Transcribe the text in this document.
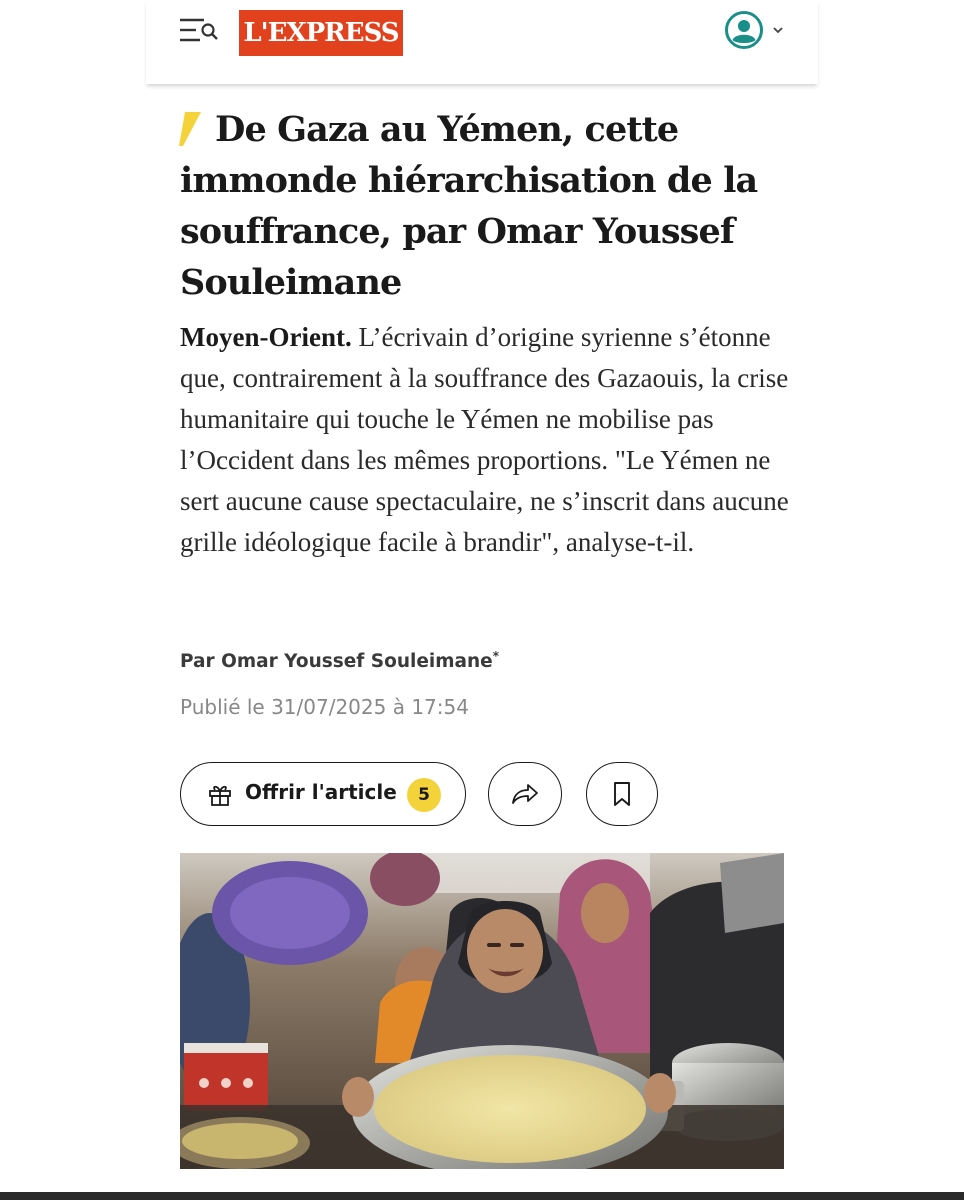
L'EXPRESS
De Gaza au Yémen, cette immonde hiérarchisation de la souffrance, par Omar Youssef Souleimane

Moyen-Orient. L’écrivain d’origine syrienne s’étonne que, contrairement à la souffrance des Gazaouis, la crise humanitaire qui touche le Yémen ne mobilise pas l’Occident dans les mêmes proportions. "Le Yémen ne sert aucune cause spectaculaire, ne s’inscrit dans aucune grille idéologique facile à brandir", analyse-t-il.

Par Omar Youssef Souleimane*
Publié le 31/07/2025 à 17:54
Offrir l'article	5
